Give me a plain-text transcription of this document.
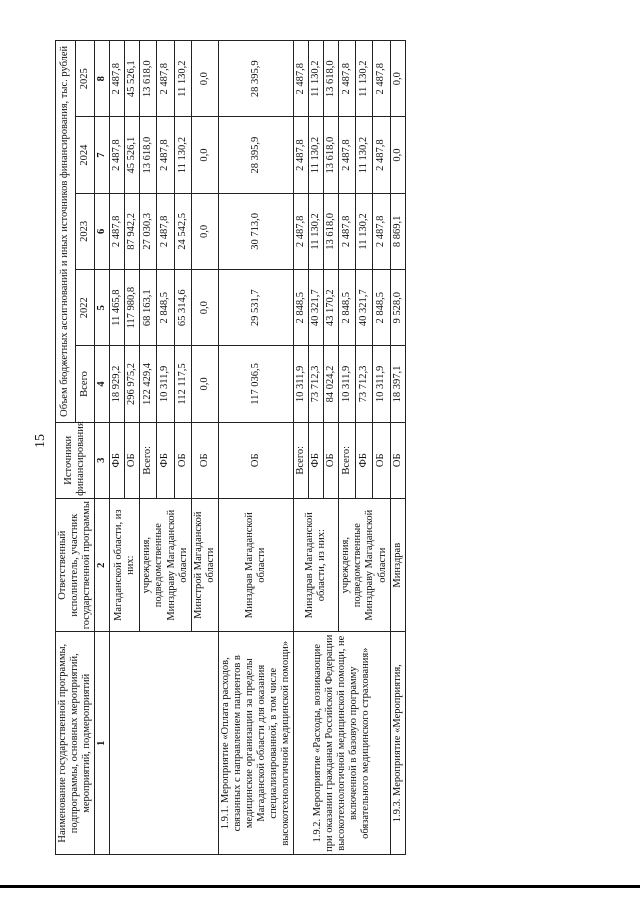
15
Наименование государственной программы, подпрограммы, основных мероприятий, мероприятий, подмероприятий	Ответственный исполнитель, участник государственной программы	Источники финансирования	Объем бюджетных ассигнований и иных источников финансирования, тыс. рублей				
			Всего	2022	2023	2024	2025
1	2	3	4	5	6	7	8
	Магаданской области, из них:	ФБ	18 929,2	11 465,8	2 487,8	2 487,8	2 487,8
		ОБ	296 975,2	117 980,8	87 942,2	45 526,1	45 526,1
	учреждения, подведомственные Минздраву Магаданской области	Всего:	122 429,4	68 163,1	27 030,3	13 618,0	13 618,0
		ФБ	10 311,9	2 848,5	2 487,8	2 487,8	2 487,8
		ОБ	112 117,5	65 314,6	24 542,5	11 130,2	11 130,2
	Минстрой Магаданской области	ОБ	0,0	0,0	0,0	0,0	0,0
1.9.1. Мероприятие «Оплата расходов, связанных с направлением пациентов в медицинские организации за пределы Магаданской области для оказания специализированной, в том числе высокотехнологичной медицинской помощи»	Минздрав Магаданской области	ОБ	117 036,5	29 531,7	30 713,0	28 395,9	28 395,9
1.9.2. Мероприятие «Расходы, возникающие при оказании гражданам Российской Федерации высокотехнологичной медицинской помощи, не включенной в базовую программу обязательного медицинского страхования»	Минздрав Магаданской области, из них:	Всего:	10 311,9	2 848,5	2 487,8	2 487,8	2 487,8
		ФБ	73 712,3	40 321,7	11 130,2	11 130,2	11 130,2
		ОБ	84 024,2	43 170,2	13 618,0	13 618,0	13 618,0
	учреждения, подведомственные Минздраву Магаданской области	Всего:	10 311,9	2 848,5	2 487,8	2 487,8	2 487,8
		ФБ	73 712,3	40 321,7	11 130,2	11 130,2	11 130,2
		ОБ	10 311,9	2 848,5	2 487,8	2 487,8	2 487,8
1.9.3. Мероприятие «Мероприятия,	Минздрав	ОБ	18 397,1	9 528,0	8 869,1	0,0	0,0
